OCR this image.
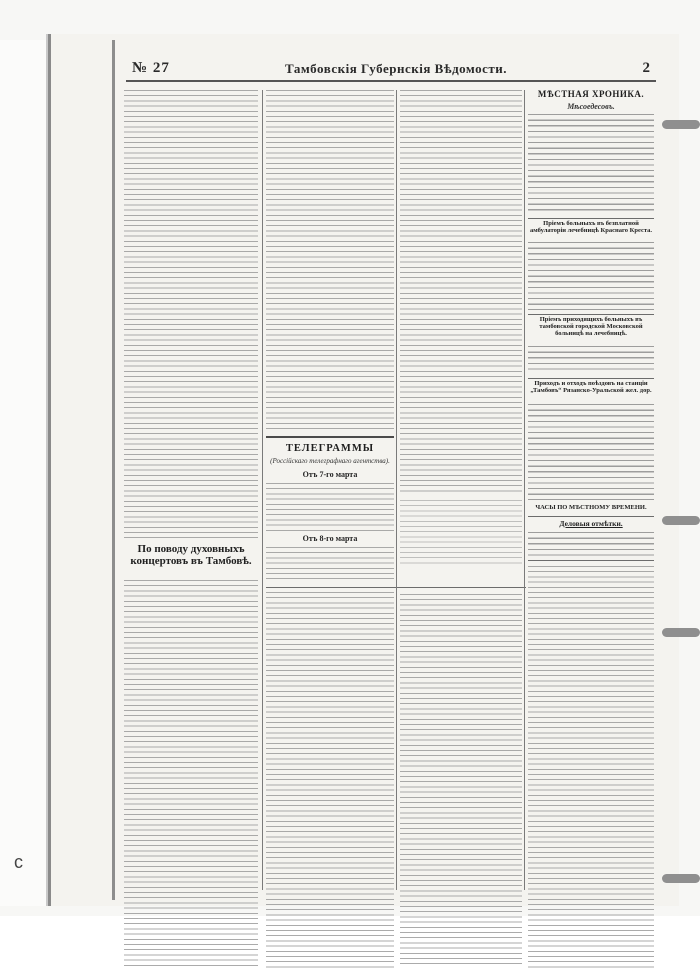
c
№ 27	Тамбовскiя Губернскiя Вѣдомости.	2
По поводу духовныхъ концертовъ въ Тамбовѣ.
ТЕЛЕГРАММЫ
(Россiйскаго телеграфнаго агентства).
Отъ 7-го марта
Отъ 8-го марта
МѢСТНАЯ ХРОНИКА.
Мѣсоедесовъ.
Прiемъ больныхъ въ безплатной амбулаторiи лечебницѣ Краснаго Креста.
Прiемъ приходящихъ больныхъ въ тамбовской городской Московской больницѣ на лечебницѣ.
Приходъ и отходъ поѣздовъ на станцiи „Тамбовъ“ Рязанско-Уральской жел. дор.
ЧАСЫ ПО МѢСТНОМУ ВРЕМЕНИ.
Деловыя отмѣтки.
